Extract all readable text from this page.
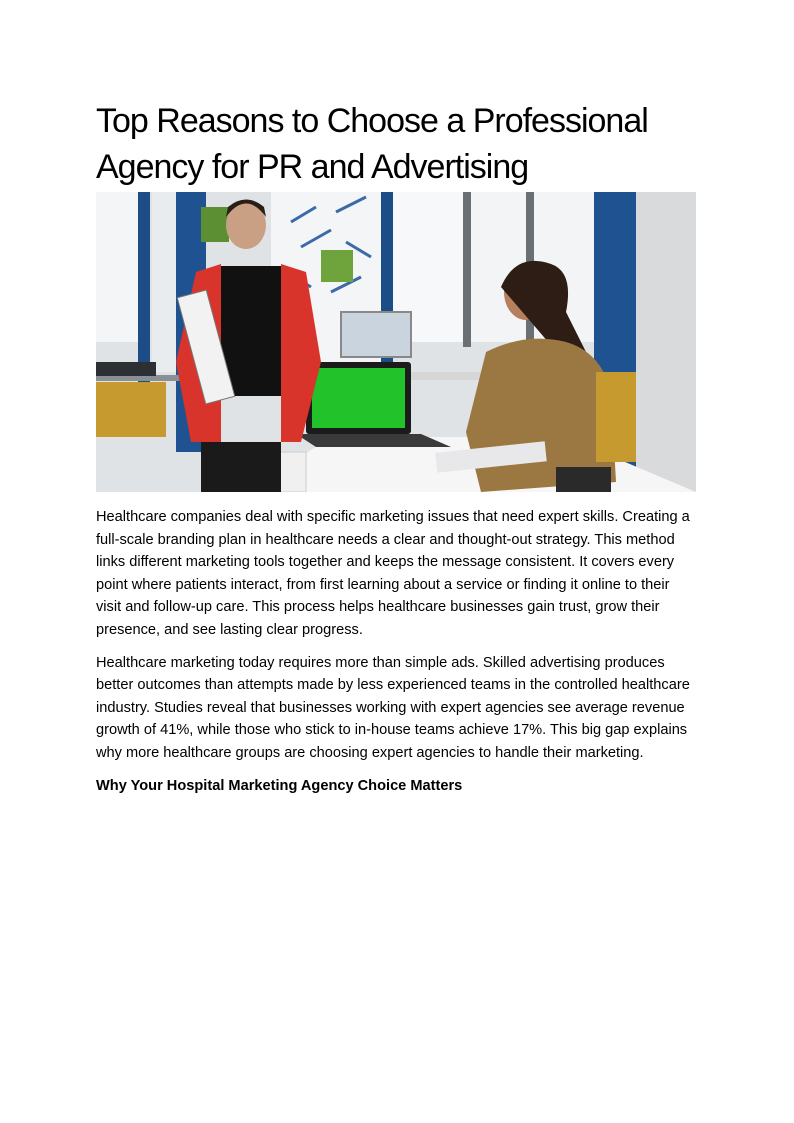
Top Reasons to Choose a Professional
Agency for PR and Advertising

Healthcare companies deal with specific marketing issues that need expert skills. Creating a full-scale branding plan in healthcare needs a clear and thought-out strategy. This method links different marketing tools together and keeps the message consistent. It covers every point where patients interact, from first learning about a service or finding it online to their visit and follow-up care. This process helps healthcare businesses gain trust, grow their presence, and see lasting clear progress.

Healthcare marketing today requires more than simple ads. Skilled advertising produces better outcomes than attempts made by less experienced teams in the controlled healthcare industry. Studies reveal that businesses working with expert agencies see average revenue growth of 41%, while those who stick to in-house teams achieve 17%. This big gap explains why more healthcare groups are choosing expert agencies to handle their marketing.

Why Your Hospital Marketing Agency Choice Matters
